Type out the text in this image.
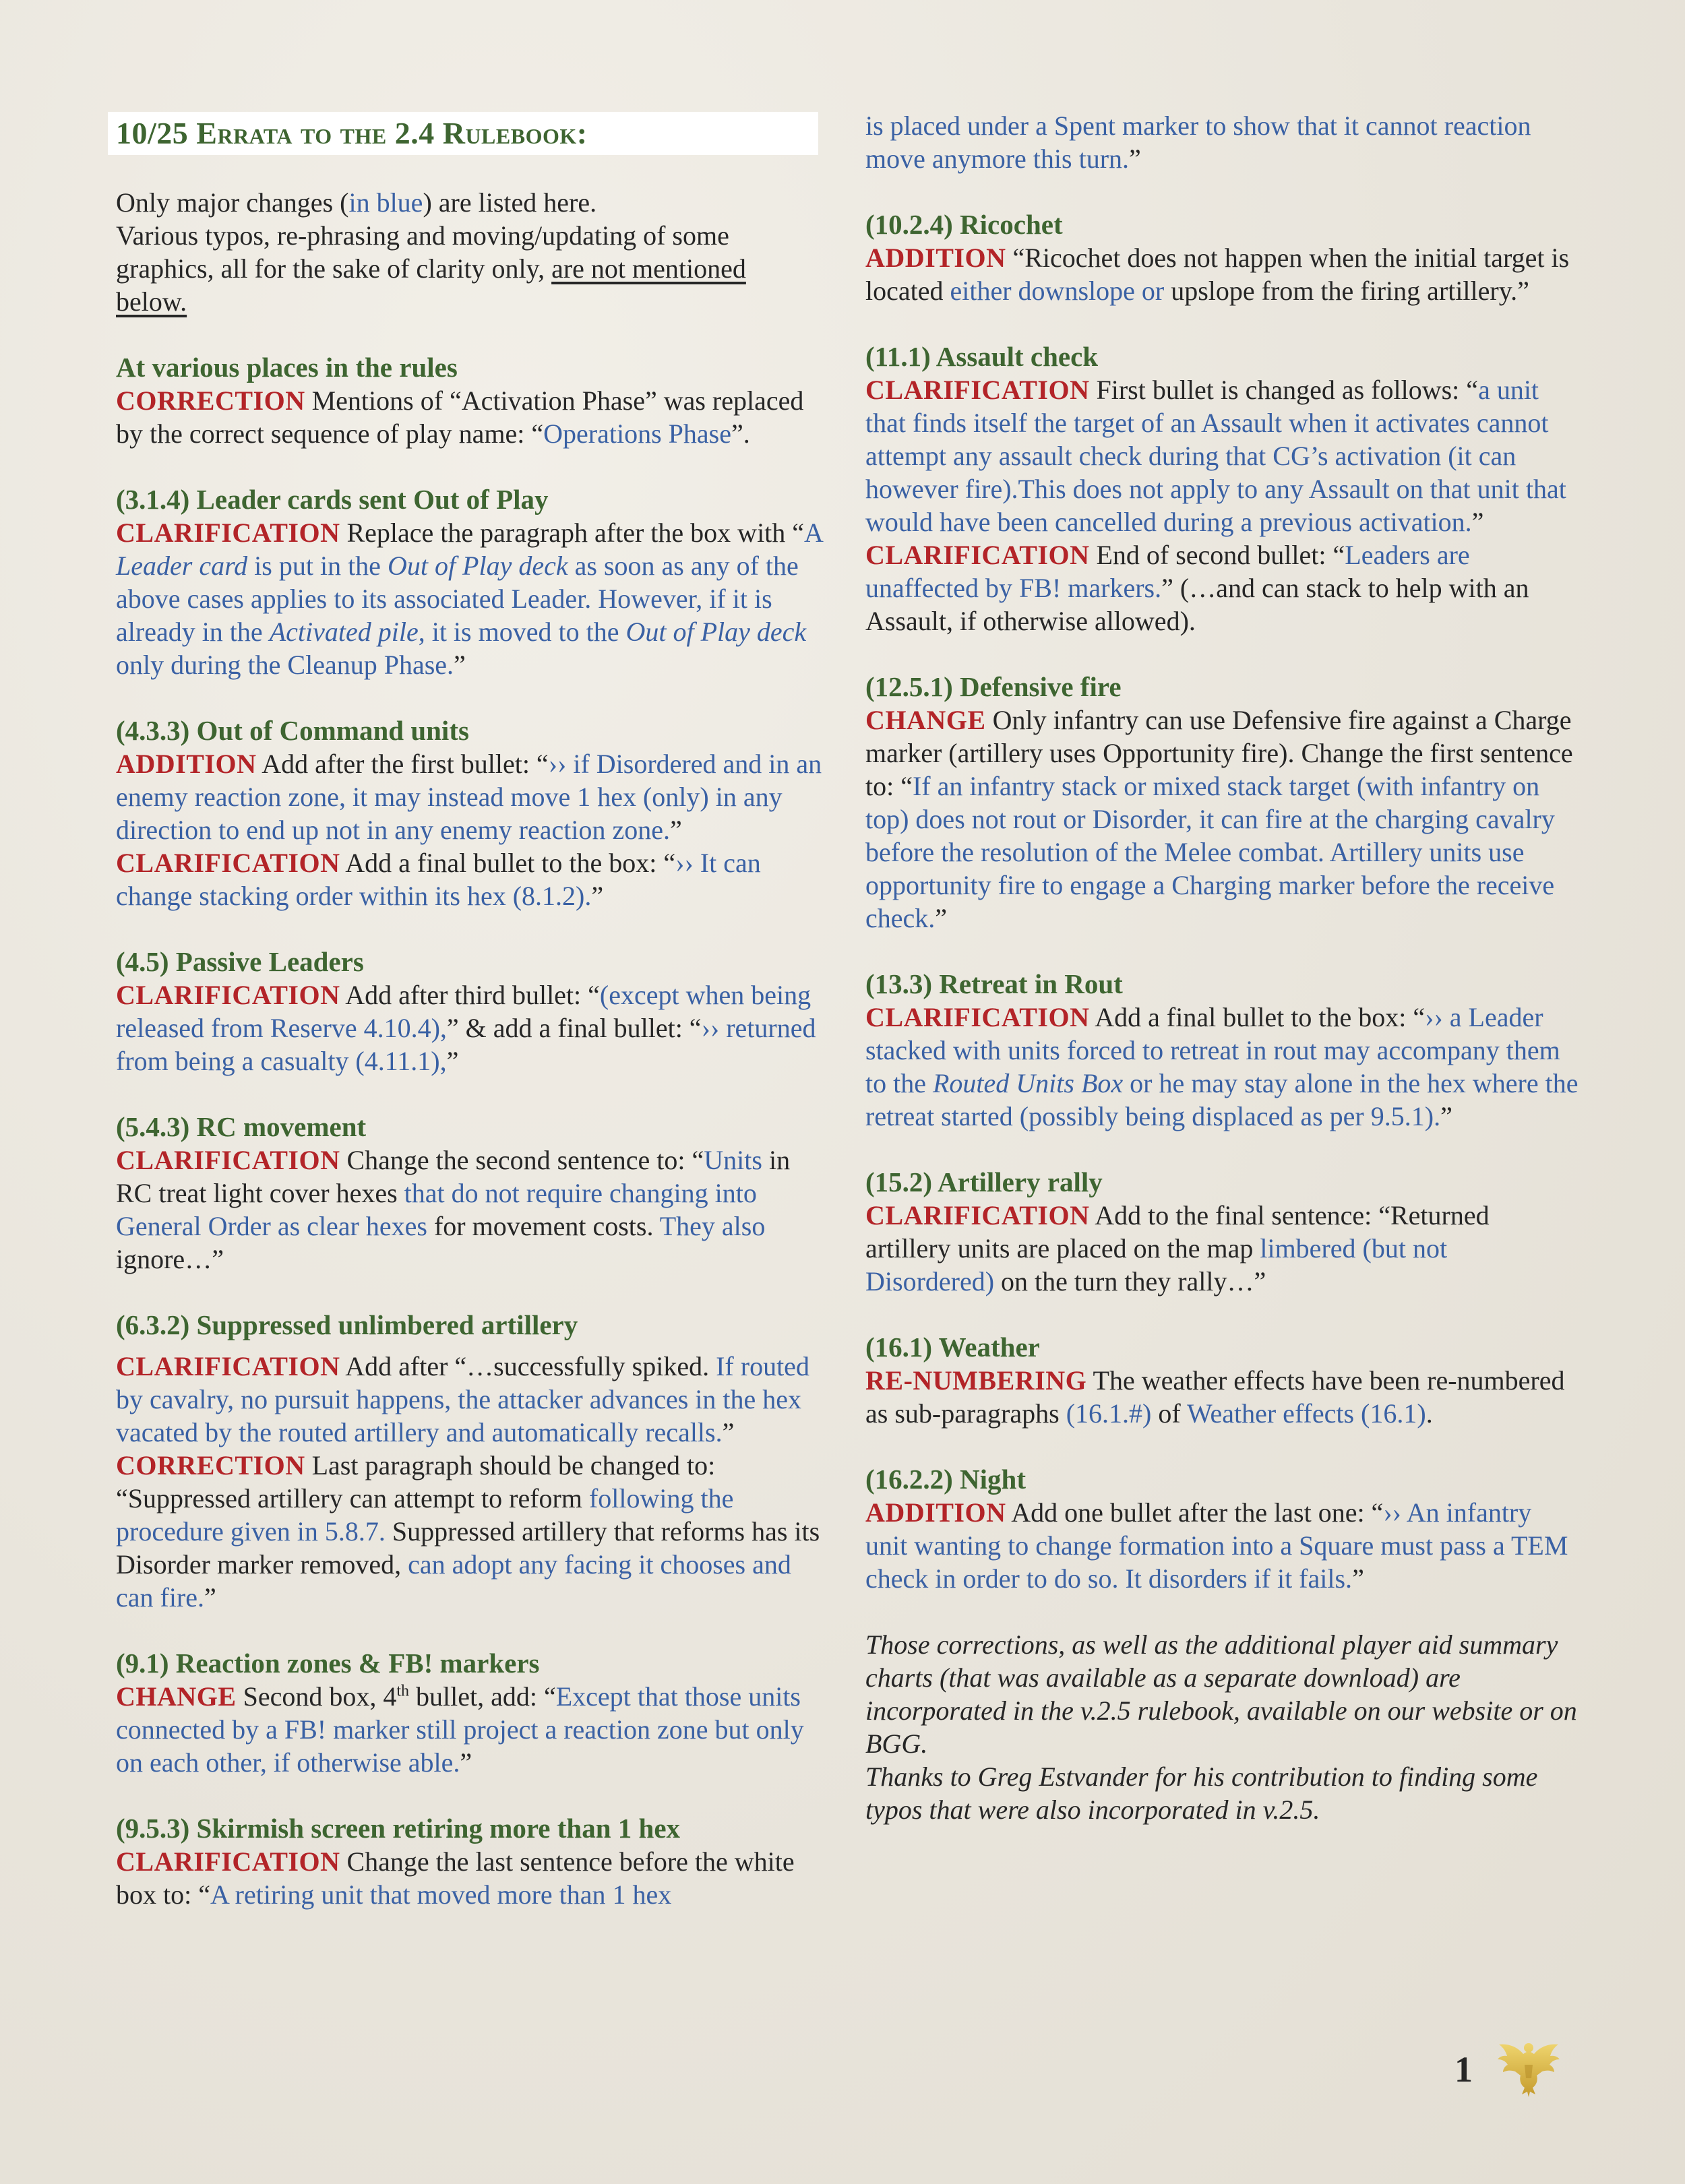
10/25 Errata to the 2.4 Rulebook:

Only major changes (in blue) are listed here.

Various typos, re-phrasing and moving/updating of some graphics, all for the sake of clarity only, are not mentioned below.

At various places in the rules

CORRECTION Mentions of “Activation Phase” was replaced by the correct sequence of play name: “Operations Phase”.

(3.1.4) Leader cards sent Out of Play

CLARIFICATION Replace the paragraph after the box with “A Leader card is put in the Out of Play deck as soon as any of the above cases applies to its associated Leader. However, if it is already in the Activated pile, it is moved to the Out of Play deck only during the Cleanup Phase.”

(4.3.3) Out of Command units

ADDITION Add after the first bullet: “›› if Disordered and in an enemy reaction zone, it may instead move 1 hex (only) in any direction to end up not in any enemy reaction zone.”

CLARIFICATION Add a final bullet to the box: “›› It can change stacking order within its hex (8.1.2).”

(4.5) Passive Leaders

CLARIFICATION Add after third bullet: “(except when being released from Reserve 4.10.4),” & add a final bullet: “›› returned from being a casualty (4.11.1),”

(5.4.3) RC movement

CLARIFICATION Change the second sentence to: “Units in RC treat light cover hexes that do not require changing into General Order as clear hexes for movement costs. They also ignore…”

(6.3.2) Suppressed unlimbered artillery

CLARIFICATION Add after “…successfully spiked. If routed by cavalry, no pursuit happens, the attacker advances in the hex vacated by the routed artillery and automatically recalls.”

CORRECTION Last paragraph should be changed to: “Suppressed artillery can attempt to reform following the procedure given in 5.8.7. Suppressed artillery that reforms has its Disorder marker removed, can adopt any facing it chooses and can fire.”

(9.1) Reaction zones & FB! markers

CHANGE Second box, 4th bullet, add: “Except that those units connected by a FB! marker still project a reaction zone but only on each other, if otherwise able.”

(9.5.3) Skirmish screen retiring more than 1 hex

CLARIFICATION Change the last sentence before the white box to: “A retiring unit that moved more than 1 hex

is placed under a Spent marker to show that it cannot reaction move anymore this turn.”

(10.2.4) Ricochet

ADDITION “Ricochet does not happen when the initial target is located either downslope or upslope from the firing artillery.”

(11.1) Assault check

CLARIFICATION First bullet is changed as follows: “a unit that finds itself the target of an Assault when it activates cannot attempt any assault check during that CG’s activation (it can however fire).This does not apply to any Assault on that unit that would have been cancelled during a previous activation.”

CLARIFICATION End of second bullet: “Leaders are unaffected by FB! markers.” (…and can stack to help with an Assault, if otherwise allowed).

(12.5.1) Defensive fire

CHANGE Only infantry can use Defensive fire against a Charge marker (artillery uses Opportunity fire). Change the first sentence to: “If an infantry stack or mixed stack target (with infantry on top) does not rout or Disorder, it can fire at the charging cavalry before the resolution of the Melee combat. Artillery units use opportunity fire to engage a Charging marker before the receive check.”

(13.3) Retreat in Rout

CLARIFICATION Add a final bullet to the box: “›› a Leader stacked with units forced to retreat in rout may accompany them to the Routed Units Box or he may stay alone in the hex where the retreat started (possibly being displaced as per 9.5.1).”

(15.2) Artillery rally

CLARIFICATION Add to the final sentence: “Returned artillery units are placed on the map limbered (but not Disordered) on the turn they rally…”

(16.1) Weather

RE-NUMBERING The weather effects have been re-numbered as sub-paragraphs (16.1.#) of Weather effects (16.1).

(16.2.2) Night

ADDITION Add one bullet after the last one: “›› An infantry unit wanting to change formation into a Square must pass a TEM check in order to do so. It disorders if it fails.”

Those corrections, as well as the additional player aid summary charts (that was available as a separate download) are incorporated in the v.2.5 rulebook, available on our website or on BGG.

Thanks to Greg Estvander for his contribution to finding some typos that were also incorporated in v.2.5.

1
